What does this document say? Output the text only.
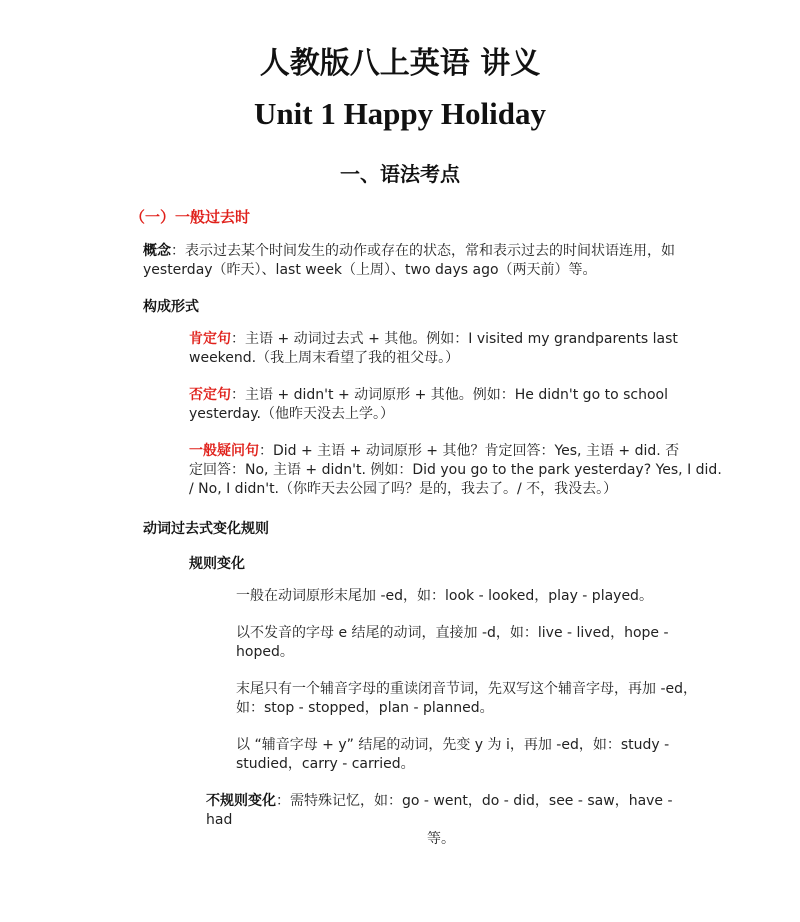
人教版八上英语 讲义
Unit 1 Happy Holiday
一、语法考点
（一）一般过去时
概念：表示过去某个时间发生的动作或存在的状态，常和表示过去的时间状语连用，如
yesterday（昨天）、last week（上周）、two days ago（两天前）等。
构成形式
肯定句：主语 + 动词过去式 + 其他。例如：I visited my grandparents last
weekend.（我上周末看望了我的祖父母。）
否定句：主语 + didn't + 动词原形 + 其他。例如：He didn't go to school
yesterday.（他昨天没去上学。）
一般疑问句：Did + 主语 + 动词原形 + 其他？肯定回答：Yes, 主语 + did. 否
定回答：No, 主语 + didn't. 例如：Did you go to the park yesterday? Yes, I did.
/ No, I didn't.（你昨天去公园了吗？是的，我去了。/ 不，我没去。）
动词过去式变化规则
规则变化
一般在动词原形末尾加 -ed，如：look - looked，play - played。
以不发音的字母 e 结尾的动词，直接加 -d，如：live - lived，hope -
hoped。
末尾只有一个辅音字母的重读闭音节词，先双写这个辅音字母，再加 -ed，
如：stop - stopped，plan - planned。
以 “辅音字母 + y” 结尾的动词，先变 y 为 i，再加 -ed，如：study -
studied，carry - carried。
不规则变化：需特殊记忆，如：go - went，do - did，see - saw，have - had
等。
